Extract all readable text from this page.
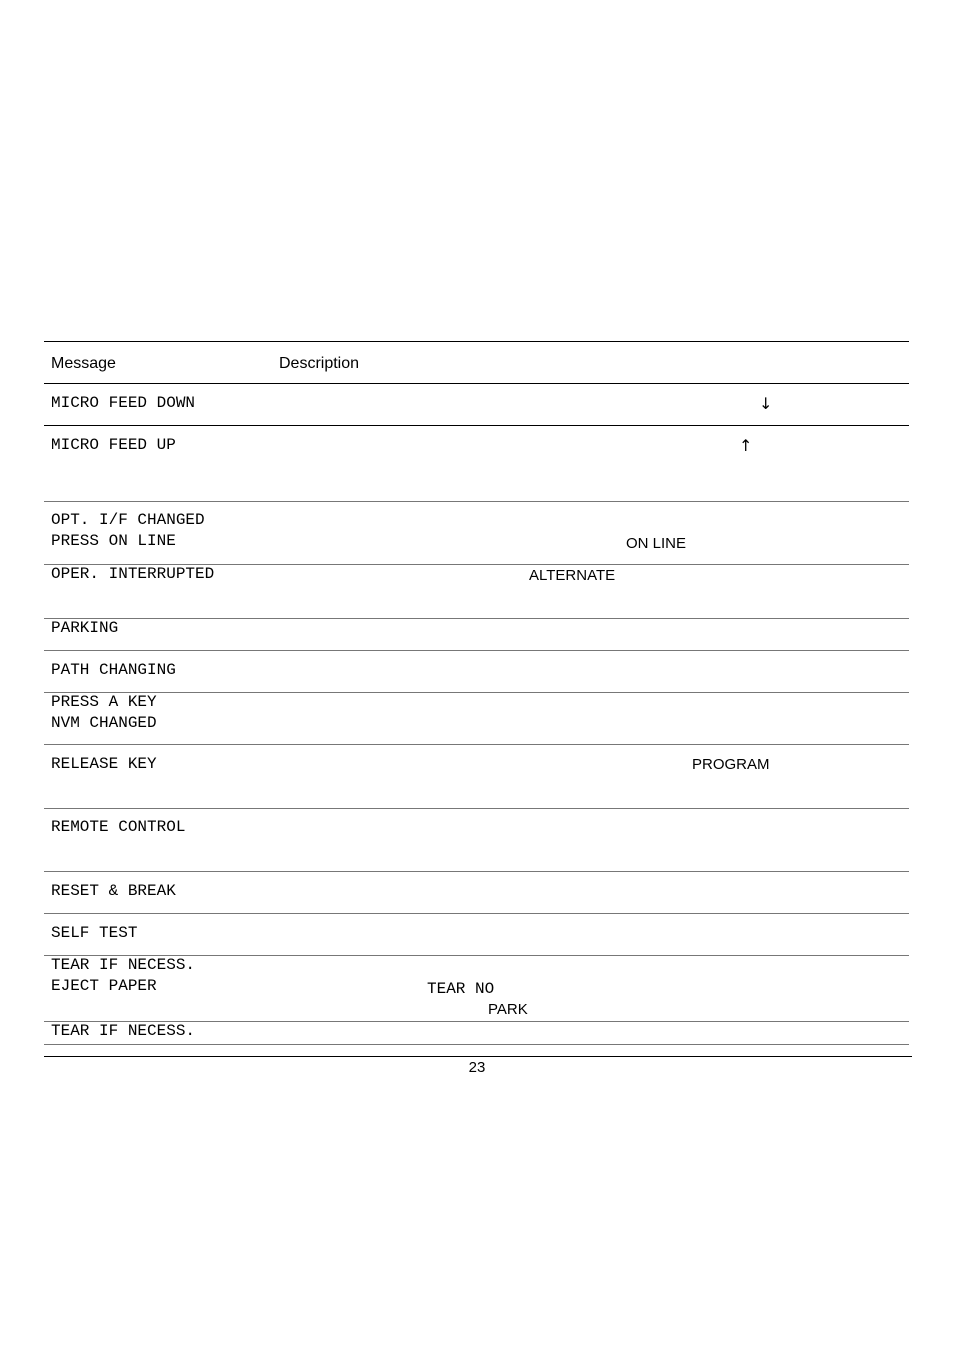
Message	Description
MICRO FEED DOWN	↓
MICRO FEED UP	↑
OPT. I/F CHANGED
PRESS ON LINE	ON LINE
OPER. INTERRUPTED	ALTERNATE
PARKING
PATH CHANGING
PRESS A KEY
NVM CHANGED
RELEASE KEY	PROGRAM
REMOTE CONTROL
RESET & BREAK
SELF TEST
TEAR IF NECESS.
EJECT PAPER	TEAR NO
PARK
TEAR IF NECESS.
23
